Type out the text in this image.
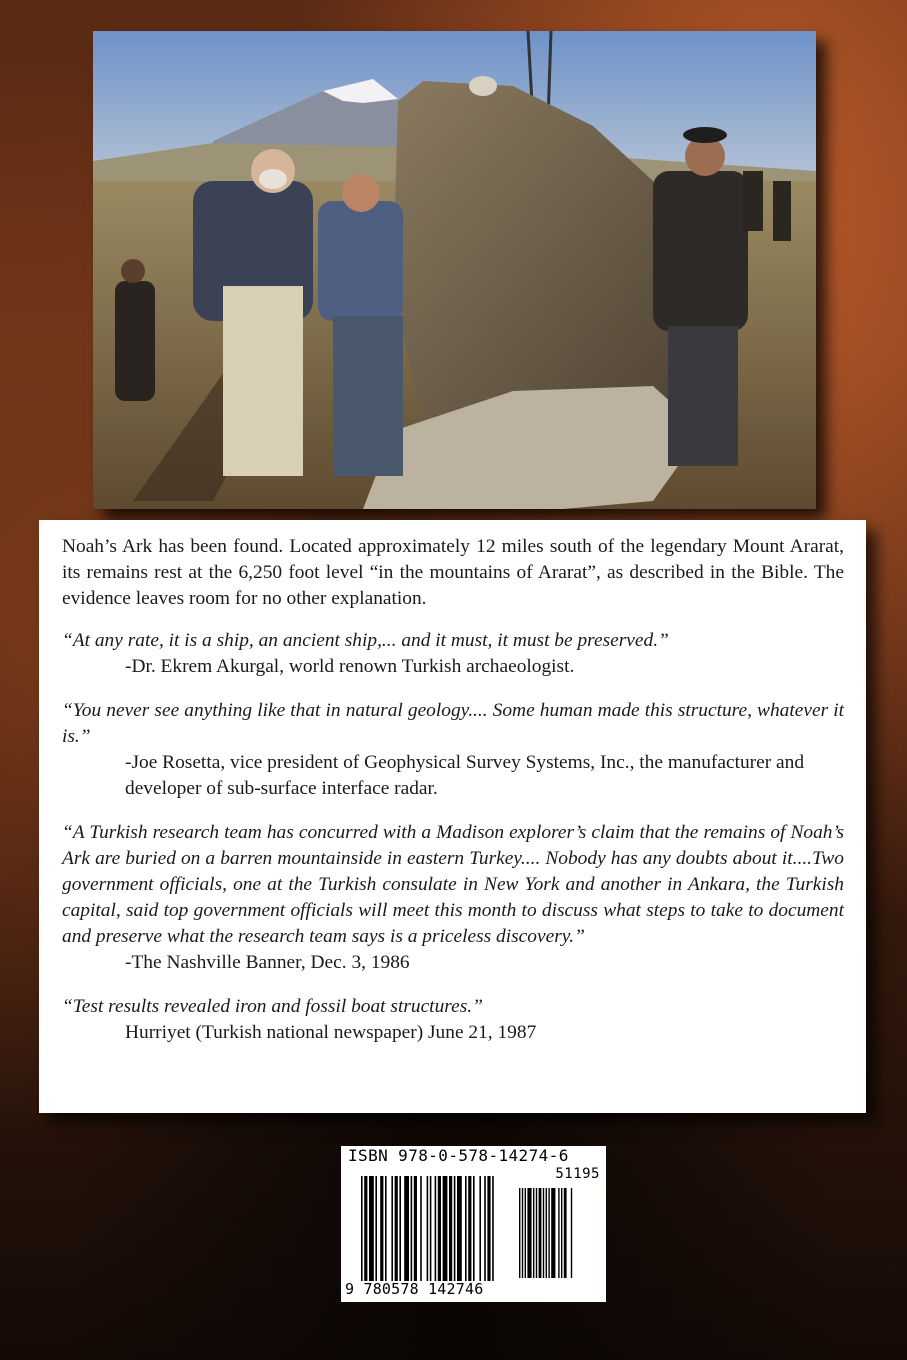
Noah’s Ark has been found. Located approximately 12 miles south of the legendary Mount Ararat, its remains rest at the 6,250 foot level “in the mountains of Ararat”, as described in the Bible. The evidence leaves room for no other explanation.

“At any rate, it is a ship, an ancient ship,... and it must, it must be preserved.”

-Dr. Ekrem Akurgal, world renown Turkish archaeologist.

“You never see anything like that in natural geology.... Some human made this structure, whatever it is.”

-Joe Rosetta, vice president of Geophysical Survey Systems, Inc., the manufacturer and developer of sub-surface interface radar.

“A Turkish research team has concurred with a Madison explorer’s claim that the remains of Noah’s Ark are buried on a barren mountainside in eastern Turkey.... Nobody has any doubts about it....Two government officials, one at the Turkish consulate in New York and another in Ankara, the Turkish capital, said top government officials will meet this month to discuss what steps to take to document and preserve what the research team says is a priceless discovery.”

-The Nashville Banner, Dec. 3, 1986

“Test results revealed iron and fossil boat structures.”

Hurriyet (Turkish national newspaper) June 21, 1987

ISBN 978-0-578-14274-6
51195
9 780578 142746
